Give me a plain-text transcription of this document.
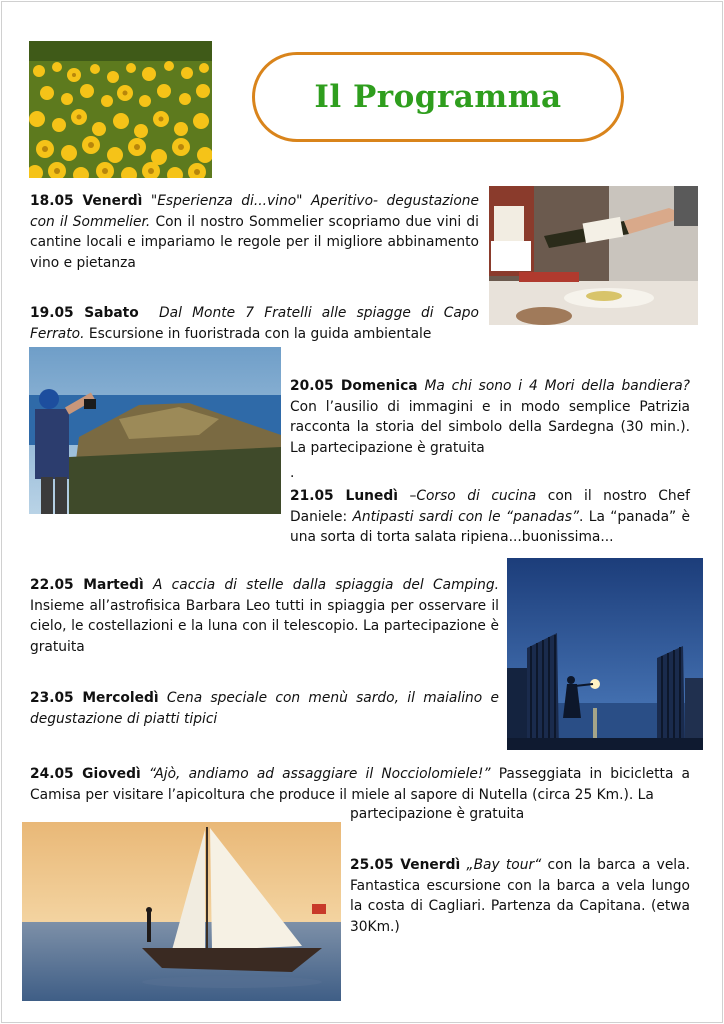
Il Programma
18.05 Venerdì "Esperienza di...vino" Aperitivo- degustazione con il Sommelier. Con il nostro Sommelier scopriamo due vini di cantine locali e impariamo le regole per il migliore abbinamento vino e pietanza
19.05 Sabato Dal Monte 7 Fratelli alle spiagge di Capo Ferrato. Escursione in fuoristrada con la guida ambientale
20.05 Domenica Ma chi sono i 4 Mori della bandiera? Con l’ausilio di immagini e in modo semplice Patrizia racconta la storia del simbolo della Sardegna (30 min.). La partecipazione è gratuita
.
21.05 Lunedì –Corso di cucina con il nostro Chef Daniele: Antipasti sardi con le “panadas”. La “panada” è una sorta di torta salata ripiena...buonissima...
22.05 Martedì A caccia di stelle dalla spiaggia del Camping. Insieme all’astrofisica Barbara Leo tutti in spiaggia per osservare il cielo, le costellazioni e la luna con il telescopio. La partecipazione è gratuita
23.05 Mercoledì Cena speciale con menù sardo, il maialino e degustazione di piatti tipici
24.05 Giovedì “Ajò, andiamo ad assaggiare il Nocciolomiele!” Passeggiata in bicicletta a Camisa per visitare l’apicoltura che produce il miele al sapore di Nutella (circa 25 Km.). La
partecipazione è gratuita
25.05 Venerdì „Bay tour“ con la barca a vela. Fantastica escursione con la barca a vela lungo la costa di Cagliari. Partenza da Capitana. (etwa 30Km.)
